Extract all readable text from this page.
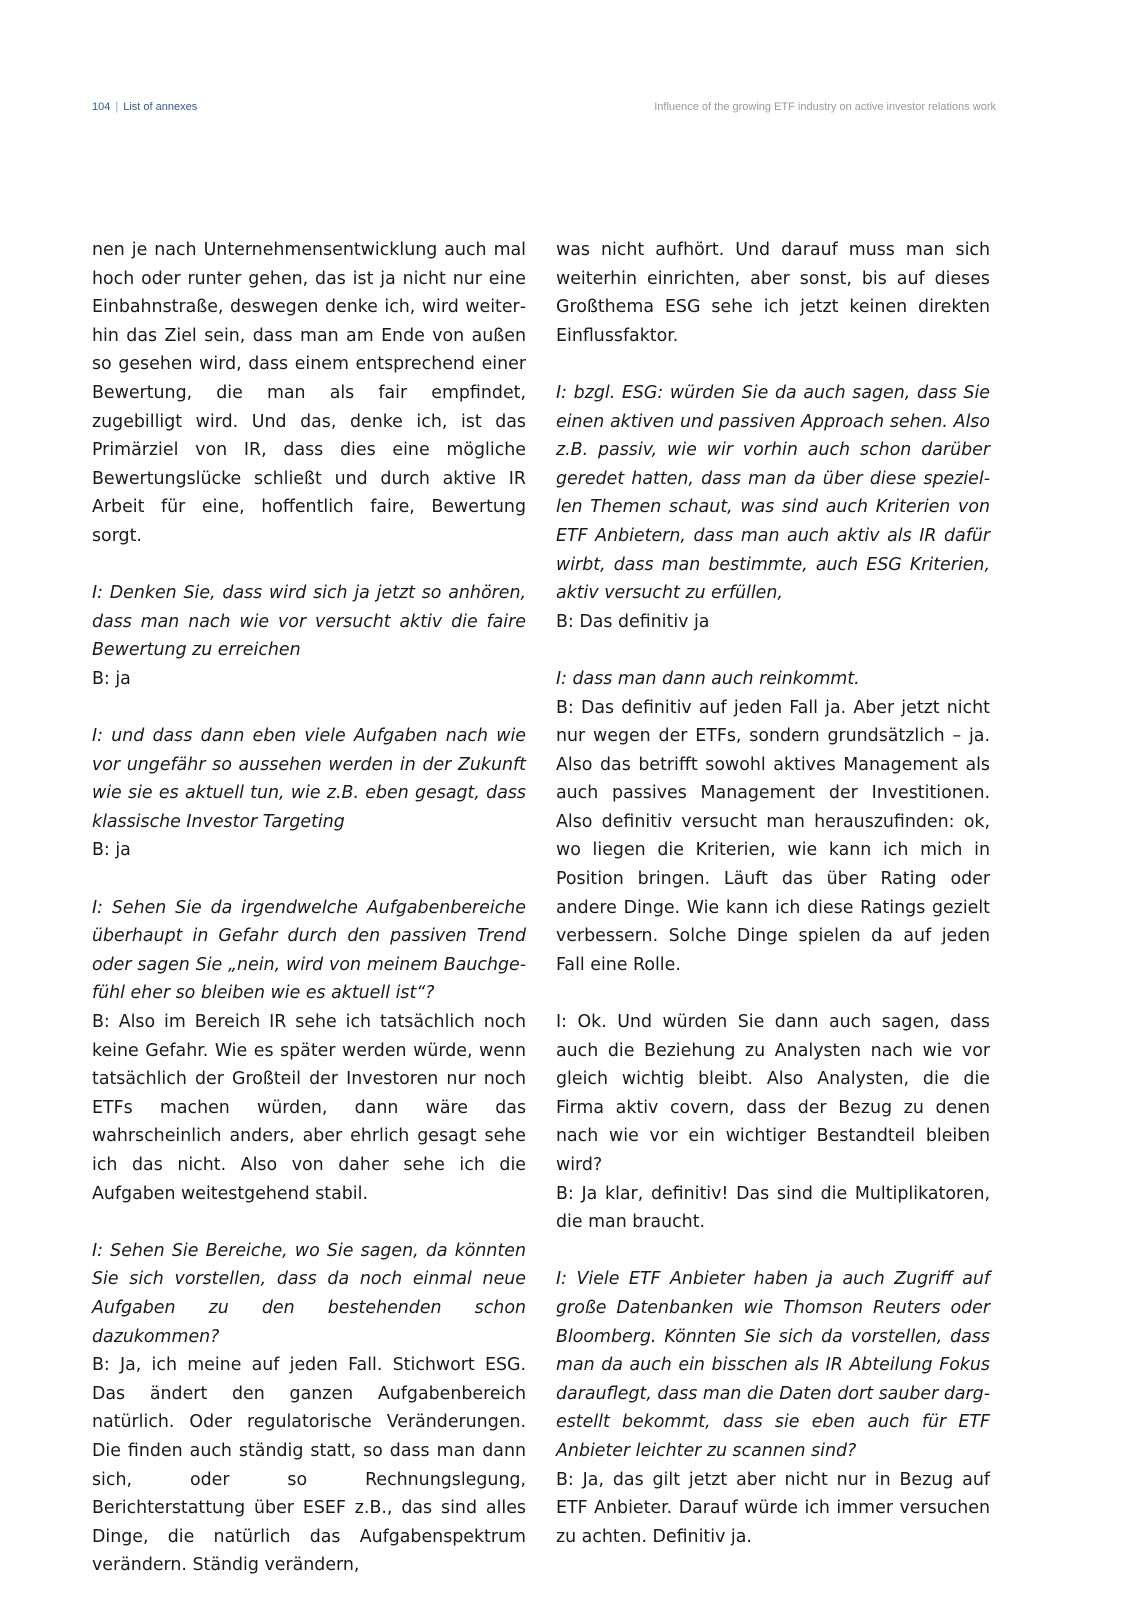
104 | List of annexes	Influence of the growing ETF industry on active investor relations work

nen je nach Unternehmensentwicklung auch mal hoch oder runter gehen, das ist ja nicht nur eine Einbahnstraße, deswegen denke ich, wird weiterhin das Ziel sein, dass man am Ende von außen so gesehen wird, dass einem entsprechend einer Bewertung, die man als fair empfindet, zugebilligt wird. Und das, denke ich, ist das Primärziel von IR, dass dies eine mögliche Bewertungslücke schließt und durch aktive IR Arbeit für eine, hoffentlich faire, Bewertung sorgt.

I: Denken Sie, dass wird sich ja jetzt so anhören, dass man nach wie vor versucht aktiv die faire Bewertung zu erreichen
B: ja

I: und dass dann eben viele Aufgaben nach wie vor ungefähr so aussehen werden in der Zukunft wie sie es aktuell tun, wie z.B. eben gesagt, dass klassische Investor Targeting
B: ja

I: Sehen Sie da irgendwelche Aufgabenbereiche überhaupt in Gefahr durch den passiven Trend oder sagen Sie „nein, wird von meinem Bauchgefühl eher so bleiben wie es aktuell ist“?
B: Also im Bereich IR sehe ich tatsächlich noch keine Gefahr. Wie es später werden würde, wenn tatsächlich der Großteil der Investoren nur noch ETFs machen würden, dann wäre das wahrscheinlich anders, aber ehrlich gesagt sehe ich das nicht. Also von daher sehe ich die Aufgaben weitestgehend stabil.

I: Sehen Sie Bereiche, wo Sie sagen, da könnten Sie sich vorstellen, dass da noch einmal neue Aufgaben zu den bestehenden schon dazukommen?
B: Ja, ich meine auf jeden Fall. Stichwort ESG. Das ändert den ganzen Aufgabenbereich natürlich. Oder regulatorische Veränderungen. Die finden auch ständig statt, so dass man dann sich, oder so Rechnungslegung, Berichterstattung über ESEF z.B., das sind alles Dinge, die natürlich das Aufgabenspektrum verändern. Ständig verändern,

was nicht aufhört. Und darauf muss man sich weiterhin einrichten, aber sonst, bis auf dieses Großthema ESG sehe ich jetzt keinen direkten Einflussfaktor.

I: bzgl. ESG: würden Sie da auch sagen, dass Sie einen aktiven und passiven Approach sehen. Also z.B. passiv, wie wir vorhin auch schon darüber geredet hatten, dass man da über diese speziellen Themen schaut, was sind auch Kriterien von ETF Anbietern, dass man auch aktiv als IR dafür wirbt, dass man bestimmte, auch ESG Kriterien, aktiv versucht zu erfüllen,
B: Das definitiv ja

I: dass man dann auch reinkommt.
B: Das definitiv auf jeden Fall ja. Aber jetzt nicht nur wegen der ETFs, sondern grundsätzlich – ja. Also das betrifft sowohl aktives Management als auch passives Management der Investitionen. Also definitiv versucht man herauszufinden: ok, wo liegen die Kriterien, wie kann ich mich in Position bringen. Läuft das über Rating oder andere Dinge. Wie kann ich diese Ratings gezielt verbessern. Solche Dinge spielen da auf jeden Fall eine Rolle.

I: Ok. Und würden Sie dann auch sagen, dass auch die Beziehung zu Analysten nach wie vor gleich wichtig bleibt. Also Analysten, die die Firma aktiv covern, dass der Bezug zu denen nach wie vor ein wichtiger Bestandteil bleiben wird?
B: Ja klar, definitiv! Das sind die Multiplikatoren, die man braucht.

I: Viele ETF Anbieter haben ja auch Zugriff auf große Datenbanken wie Thomson Reuters oder Bloomberg. Könnten Sie sich da vorstellen, dass man da auch ein bisschen als IR Abteilung Fokus darauflegt, dass man die Daten dort sauber dargestellt bekommt, dass sie eben auch für ETF Anbieter leichter zu scannen sind?
B: Ja, das gilt jetzt aber nicht nur in Bezug auf ETF Anbieter. Darauf würde ich immer versuchen zu achten. Definitiv ja.
